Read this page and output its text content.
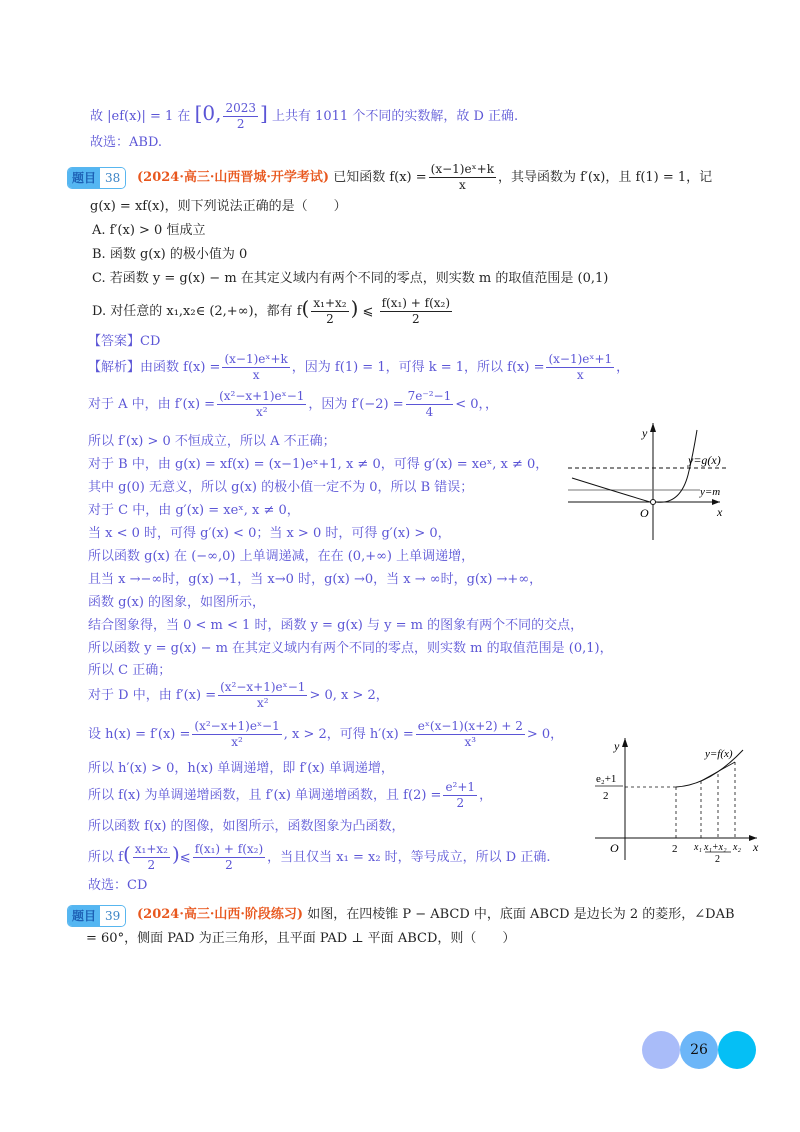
故 |ef(x)| = 1 在 [0, $\frac{2023}{2}$ ] 上共有 1011 个不同的实数解，故 D 正确.
故选：ABD.
题目 38	(2024·高三·山西晋城·开学考试) 已知函数 $f(x) = \frac{\text{(x−1)eˣ+k}}{x}$ ，其导函数为 f′(x)，且 f(1) = 1，记
g(x) = xf(x)，则下列说法正确的是（　　）
A. f′(x) > 0 恒成立
B. 函数 g(x) 的极小值为 0
C. 若函数 y = g(x) − m 在其定义域内有两个不同的零点，则实数 m 的取值范围是 (0,1)
D. 对任意的 x₁,x₂∈ (2,+∞)，都有 $f( \frac{\text{x₁+x₂}}{2}$ ) ⩽ $\frac{\text{f(x₁) + f(x₂)}}{2}$
【答案】CD
【解析】由函数 $f(x) = \frac{\text{(x−1)eˣ+k}}{x}$ ，因为 f(1) = 1，可得 k = 1，所以 $f(x) = \frac{\text{(x−1)eˣ+1}}{x}$ ，
对于 A 中，由 $f'(x) = \frac{\text{(x²−x+1)eˣ−1}}{\text{x²}}$ ，因为 $f'(-2) = \frac{\text{7e⁻²−1}}{4} < 0$，，
所以 f′(x) > 0 不恒成立，所以 A 不正确；
对于 B 中，由 g(x) = xf(x) = (x−1)eˣ+1, x ≠ 0，可得 g′(x) = xeˣ, x ≠ 0，
其中 g(0) 无意义，所以 g(x) 的极小值一定不为 0，所以 B 错误；
对于 C 中，由 g′(x) = xeˣ, x ≠ 0，
当 x < 0 时，可得 g′(x) < 0；当 x > 0 时，可得 g′(x) > 0，
所以函数 g(x) 在 (−∞,0) 上单调递减，在在 (0,+∞) 上单调递增，
且当 x →−∞时，g(x) →1，当 x→0 时，g(x) →0，当 x → ∞时，g(x) →+∞，
函数 g(x) 的图象，如图所示，
结合图象得，当 0 < m < 1 时，函数 y = g(x) 与 y = m 的图象有两个不同的交点，
所以函数 y = g(x) − m 在其定义域内有两个不同的零点，则实数 m 的取值范围是 (0,1)，
所以 C 正确；
对于 D 中，由 $f'(x) = \frac{\text{(x²−x+1)eˣ−1}}{\text{x²}} > 0$, x > 2，
设 $h(x) = f'(x) = \frac{\text{(x²−x+1)eˣ−1}}{\text{x²}}$ , x > 2，可得 $h'(x) = \frac{\text{eˣ(x−1)(x+2) + 2}}{\text{x³}} > 0$，
所以 h′(x) > 0，h(x) 单调递增，即 f′(x) 单调递增，
所以 f(x) 为单调递增函数，且 f′(x) 单调递增函数，且 $f(2) = \frac{\text{e²+1}}{2}$ ，
所以函数 f(x) 的图像，如图所示，函数图象为凸函数，
所以 $f( \frac{\text{x₁+x₂}}{2}$ )⩽ $\frac{\text{f(x₁) + f(x₂)}}{2}$ ，当且仅当 x₁ = x₂ 时，等号成立，所以 D 正确.
故选：CD
y
x
O
y=g(x)
y=m
y
x
O
y=f(x)
e₂+1
2
2 x₁ x₁+x₂
2
x₂
题目 39	(2024·高三·山西·阶段练习) 如图，在四棱锥 P − ABCD 中，底面 ABCD 是边长为 2 的菱形，∠DAB
= 60°，侧面 PAD 为正三角形，且平面 PAD ⊥ 平面 ABCD，则（　　）
26
